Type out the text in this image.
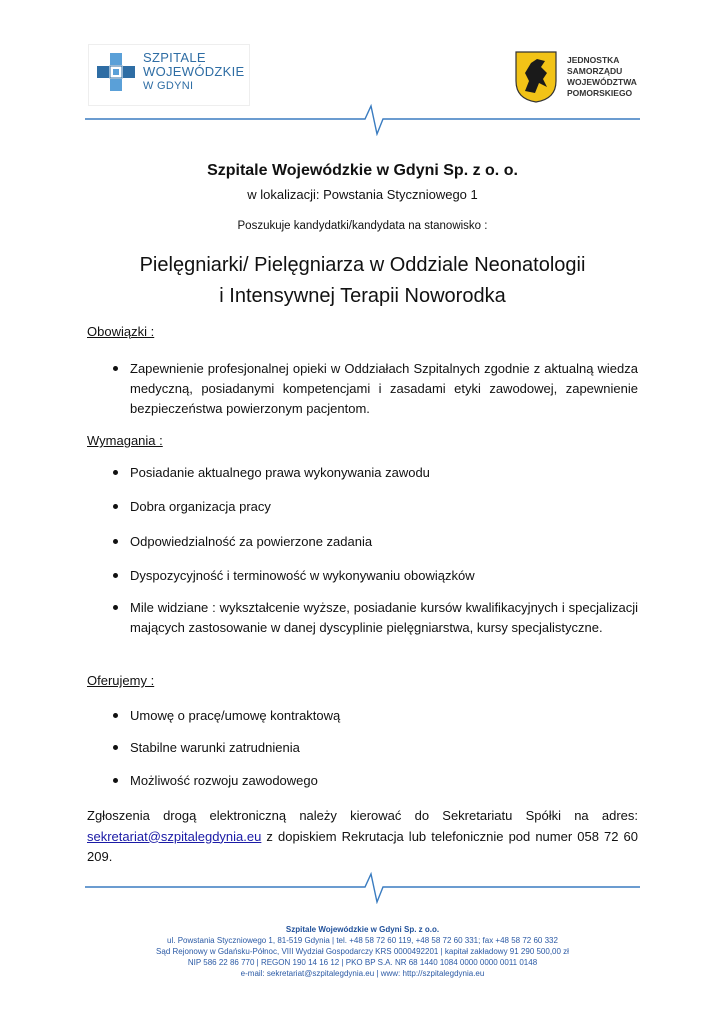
SZPITALE
WOJEWÓDZKIE
W GDYNI
JEDNOSTKA
SAMORZĄDU
WOJEWÓDZTWA
POMORSKIEGO
Szpitale Wojewódzkie w Gdyni Sp. z o. o.
w lokalizacji: Powstania Styczniowego 1
Poszukuje kandydatki/kandydata na stanowisko :
Pielęgniarki/ Pielęgniarza w Oddziale Neonatologii
i Intensywnej Terapii Noworodka
Obowiązki :
Zapewnienie profesjonalnej opieki w Oddziałach Szpitalnych zgodnie z aktualną wiedza medyczną, posiadanymi kompetencjami i zasadami etyki zawodowej, zapewnienie bezpieczeństwa powierzonym pacjentom.
Wymagania :
Posiadanie aktualnego prawa wykonywania zawodu
Dobra organizacja pracy
Odpowiedzialność za powierzone zadania
Dyspozycyjność i terminowość w wykonywaniu obowiązków
Mile widziane : wykształcenie wyższe, posiadanie kursów kwalifikacyjnych i specjalizacji mających zastosowanie w danej dyscyplinie pielęgniarstwa, kursy specjalistyczne.
Oferujemy :
Umowę o pracę/umowę kontraktową
Stabilne warunki zatrudnienia
Możliwość rozwoju zawodowego
Zgłoszenia drogą elektroniczną należy kierować do Sekretariatu Spółki na adres: sekretariat@szpitalegdynia.eu z dopiskiem Rekrutacja lub telefonicznie pod numer 058 72 60 209.
Szpitale Wojewódzkie w Gdyni Sp. z o.o.
ul. Powstania Styczniowego 1, 81-519 Gdynia | tel. +48 58 72 60 119, +48 58 72 60 331; fax +48 58 72 60 332
Sąd Rejonowy w Gdańsku-Północ, VIII Wydział Gospodarczy KRS 0000492201 | kapitał zakładowy 91 290 500,00 zł
NIP 586 22 86 770 | REGON 190 14 16 12 | PKO BP S.A. NR 68 1440 1084 0000 0000 0011 0148
e-mail: sekretariat@szpitalegdynia.eu | www: http://szpitalegdynia.eu
